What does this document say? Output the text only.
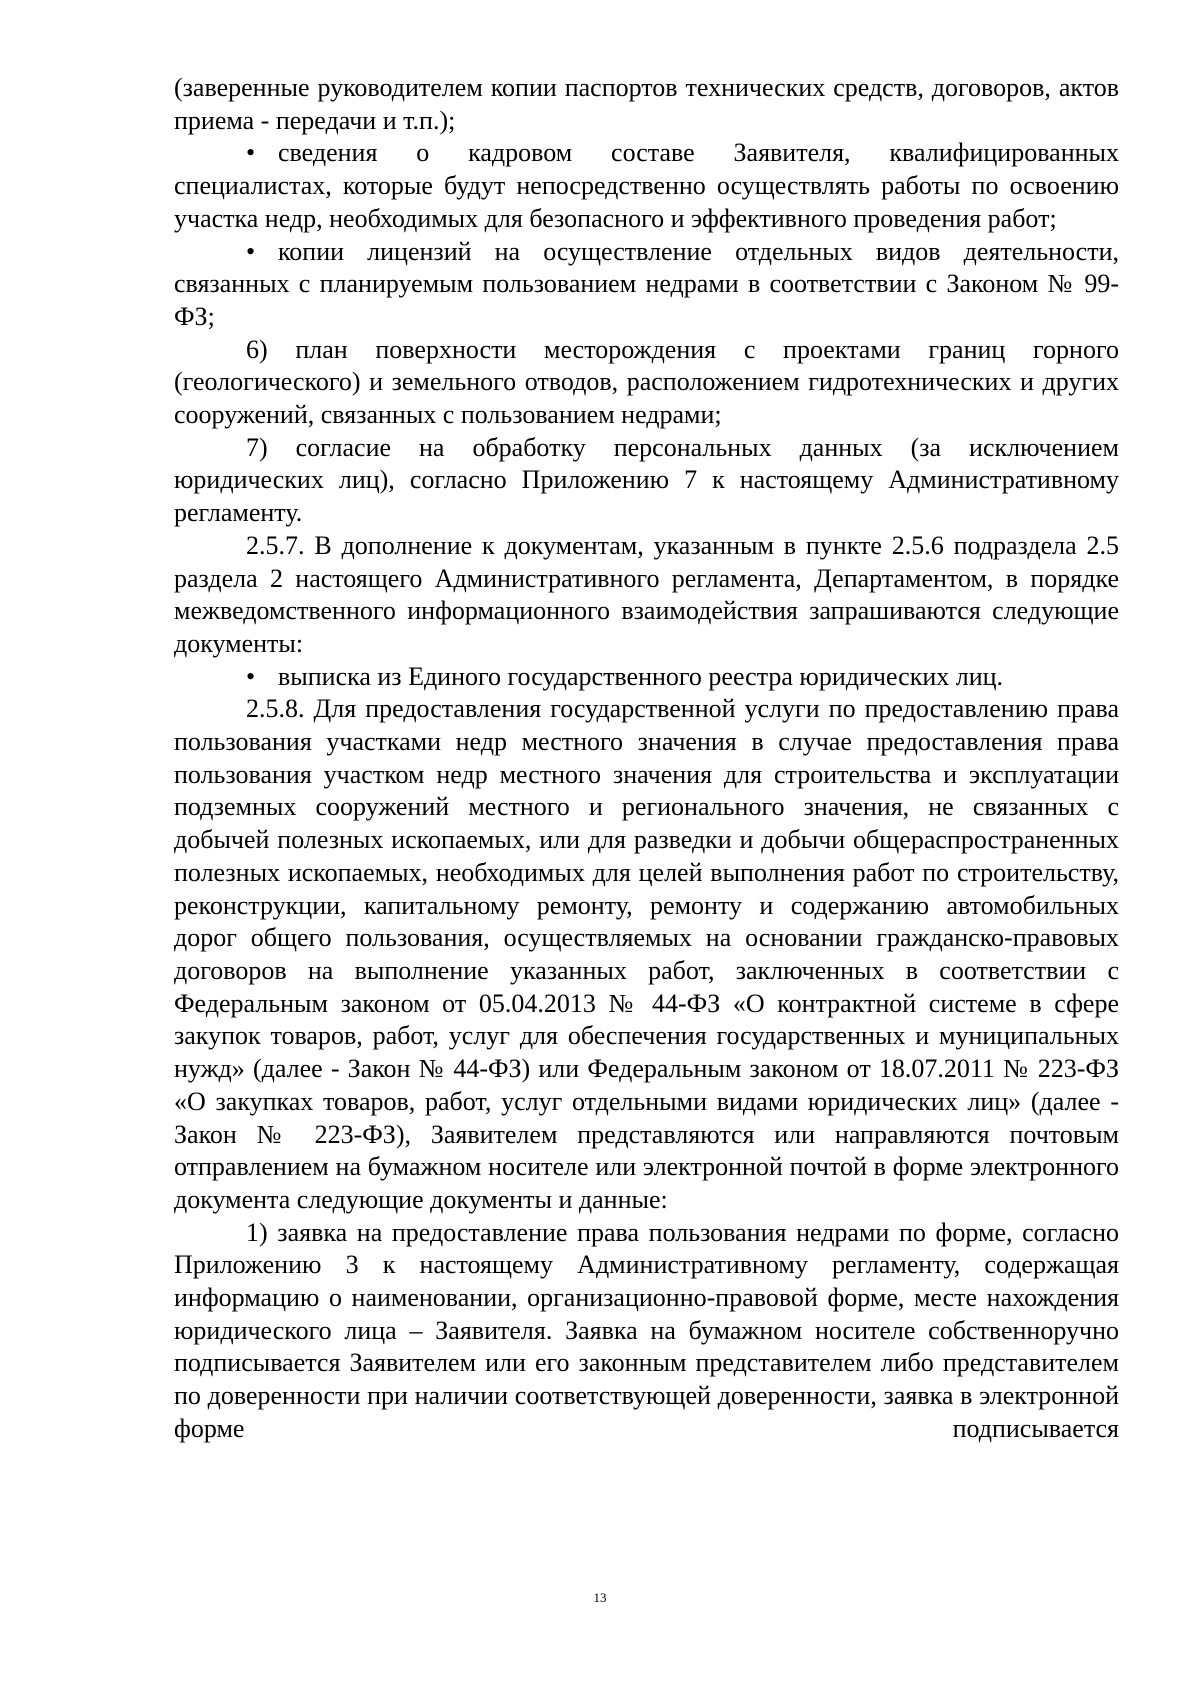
(заверенные руководителем копии паспортов технических средств, договоров, актов приема - передачи и т.п.);

•сведения о кадровом составе Заявителя, квалифицированных специалистах, которые будут непосредственно осуществлять работы по освоению участка недр, необходимых для безопасного и эффективного проведения работ;

•копии лицензий на осуществление отдельных видов деятельности, связанных с планируемым пользованием недрами в соответствии с Законом № 99-ФЗ;

6) план поверхности месторождения с проектами границ горного (геологического) и земельного отводов, расположением гидротехнических и других сооружений, связанных с пользованием недрами;

7) согласие на обработку персональных данных (за исключением юридических лиц), согласно Приложению 7 к настоящему Административному регламенту.

2.5.7. В дополнение к документам, указанным в пункте 2.5.6 подраздела 2.5 раздела 2 настоящего Административного регламента, Департаментом, в порядке межведомственного информационного взаимодействия запрашиваются следующие документы:

•выписка из Единого государственного реестра юридических лиц.

2.5.8. Для предоставления государственной услуги по предоставлению права пользования участками недр местного значения в случае предоставления права пользования участком недр местного значения для строительства и эксплуатации подземных сооружений местного и регионального значения, не связанных с добычей полезных ископаемых, или для разведки и добычи общераспространенных полезных ископаемых, необходимых для целей выполнения работ по строительству, реконструкции, капитальному ремонту, ремонту и содержанию автомобильных дорог общего пользования, осуществляемых на основании гражданско-правовых договоров на выполнение указанных работ, заключенных в соответствии с Федеральным законом от 05.04.2013 № 44-ФЗ «О контрактной системе в сфере закупок товаров, работ, услуг для обеспечения государственных и муниципальных нужд» (далее - Закон № 44-ФЗ) или Федеральным законом от 18.07.2011 № 223-ФЗ «О закупках товаров, работ, услуг отдельными видами юридических лиц» (далее - Закон № 223-ФЗ), Заявителем представляются или направляются почтовым отправлением на бумажном носителе или электронной почтой в форме электронного документа следующие документы и данные:

1) заявка на предоставление права пользования недрами по форме, согласно Приложению 3 к настоящему Административному регламенту, содержащая информацию о наименовании, организационно-правовой форме, месте нахождения юридического лица – Заявителя. Заявка на бумажном носителе собственноручно подписывается Заявителем или его законным представителем либо представителем по доверенности при наличии соответствующей доверенности, заявка в электронной форме подписывается

13
